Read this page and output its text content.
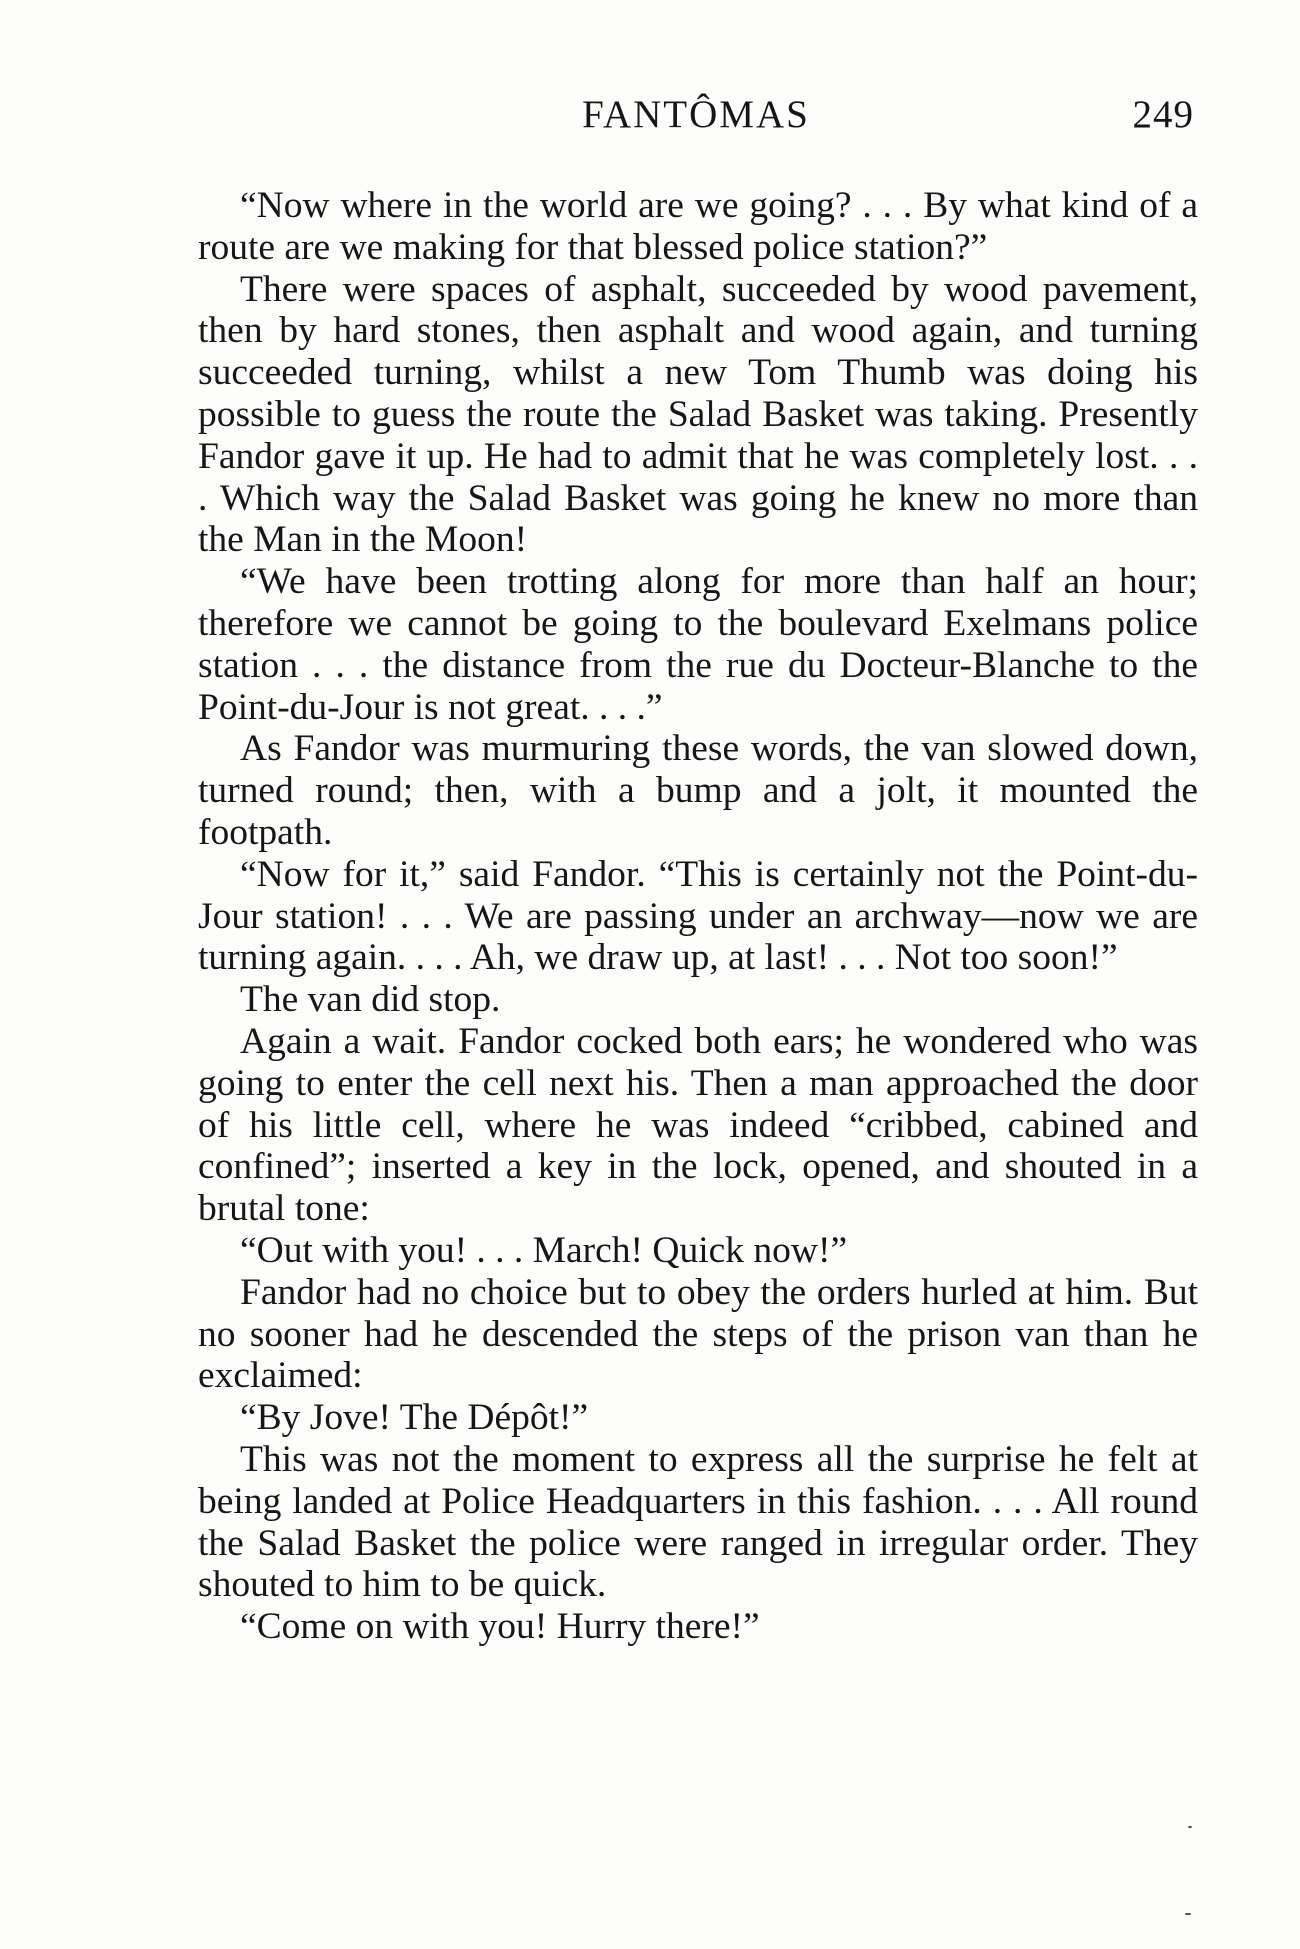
FANTÔMAS	249

“Now where in the world are we going? . . . By what kind of a route are we making for that blessed police station?”

There were spaces of asphalt, succeeded by wood pavement, then by hard stones, then asphalt and wood again, and turning succeeded turning, whilst a new Tom Thumb was doing his possible to guess the route the Salad Basket was taking. Presently Fandor gave it up. He had to admit that he was completely lost. . . . Which way the Salad Basket was going he knew no more than the Man in the Moon!

“We have been trotting along for more than half an hour; therefore we cannot be going to the boulevard Exelmans police station . . . the distance from the rue du Docteur-Blanche to the Point-du-Jour is not great. . . .”

As Fandor was murmuring these words, the van slowed down, turned round; then, with a bump and a jolt, it mounted the footpath.

“Now for it,” said Fandor. “This is certainly not the Point-du-Jour station! . . . We are passing under an archway—now we are turning again. . . . Ah, we draw up, at last! . . . Not too soon!”

The van did stop.

Again a wait. Fandor cocked both ears; he wondered who was going to enter the cell next his. Then a man approached the door of his little cell, where he was indeed “cribbed, cabined and confined”; inserted a key in the lock, opened, and shouted in a brutal tone:

“Out with you! . . . March! Quick now!”

Fandor had no choice but to obey the orders hurled at him. But no sooner had he descended the steps of the prison van than he exclaimed:

“By Jove! The Dépôt!”

This was not the moment to express all the surprise he felt at being landed at Police Headquarters in this fashion. . . . All round the Salad Basket the police were ranged in irregular order. They shouted to him to be quick.

“Come on with you! Hurry there!”
